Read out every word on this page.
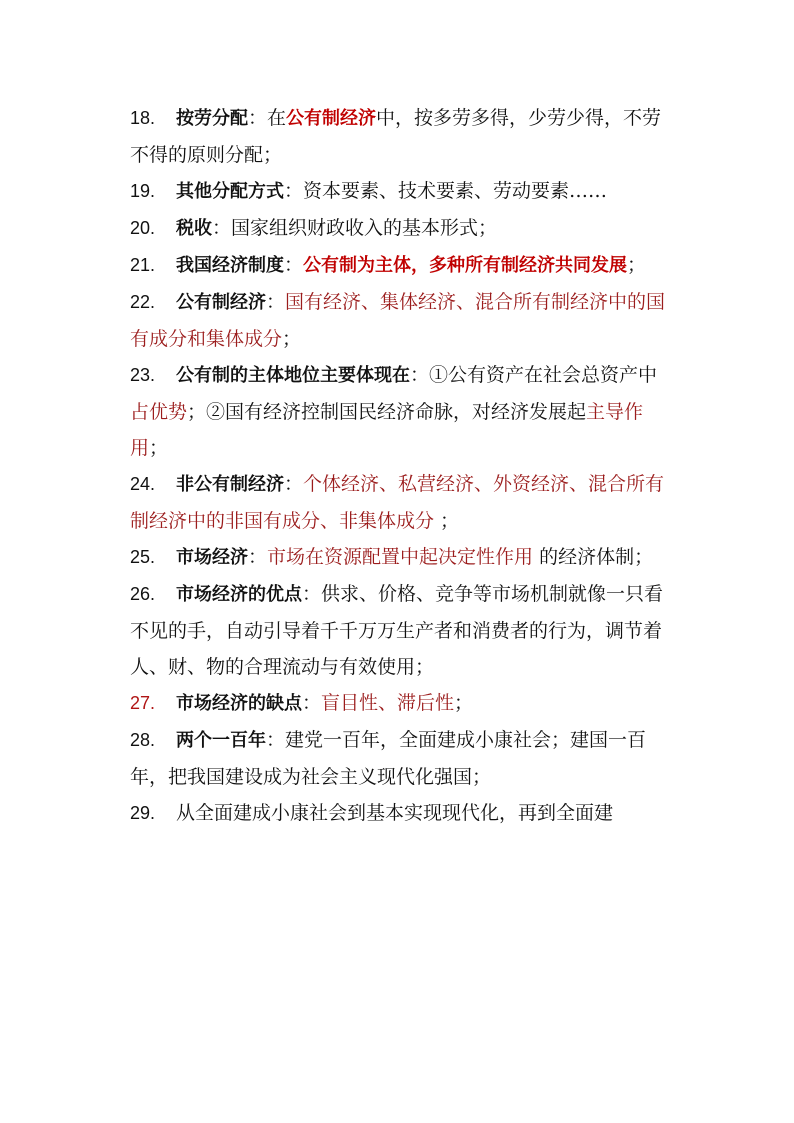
18. 按劳分配：在公有制经济中，按多劳多得，少劳少得，不劳不得的原则分配；

19. 其他分配方式：资本要素、技术要素、劳动要素……

20. 税收：国家组织财政收入的基本形式；

21. 我国经济制度：公有制为主体，多种所有制经济共同发展；

22. 公有制经济：国有经济、集体经济、混合所有制经济中的国有成分和集体成分；

23. 公有制的主体地位主要体现在：①公有资产在社会总资产中占优势；②国有经济控制国民经济命脉，对经济发展起主导作用；

24. 非公有制经济：个体经济、私营经济、外资经济、混合所有制经济中的非国有成分、非集体成分 ；

25. 市场经济：市场在资源配置中起决定性作用 的经济体制；

26. 市场经济的优点：供求、价格、竞争等市场机制就像一只看不见的手，自动引导着千千万万生产者和消费者的行为，调节着人、财、物的合理流动与有效使用；

27. 市场经济的缺点：盲目性、滞后性；

28. 两个一百年：建党一百年，全面建成小康社会；建国一百年，把我国建设成为社会主义现代化强国；

29. 从全面建成小康社会到基本实现现代化，再到全面建
